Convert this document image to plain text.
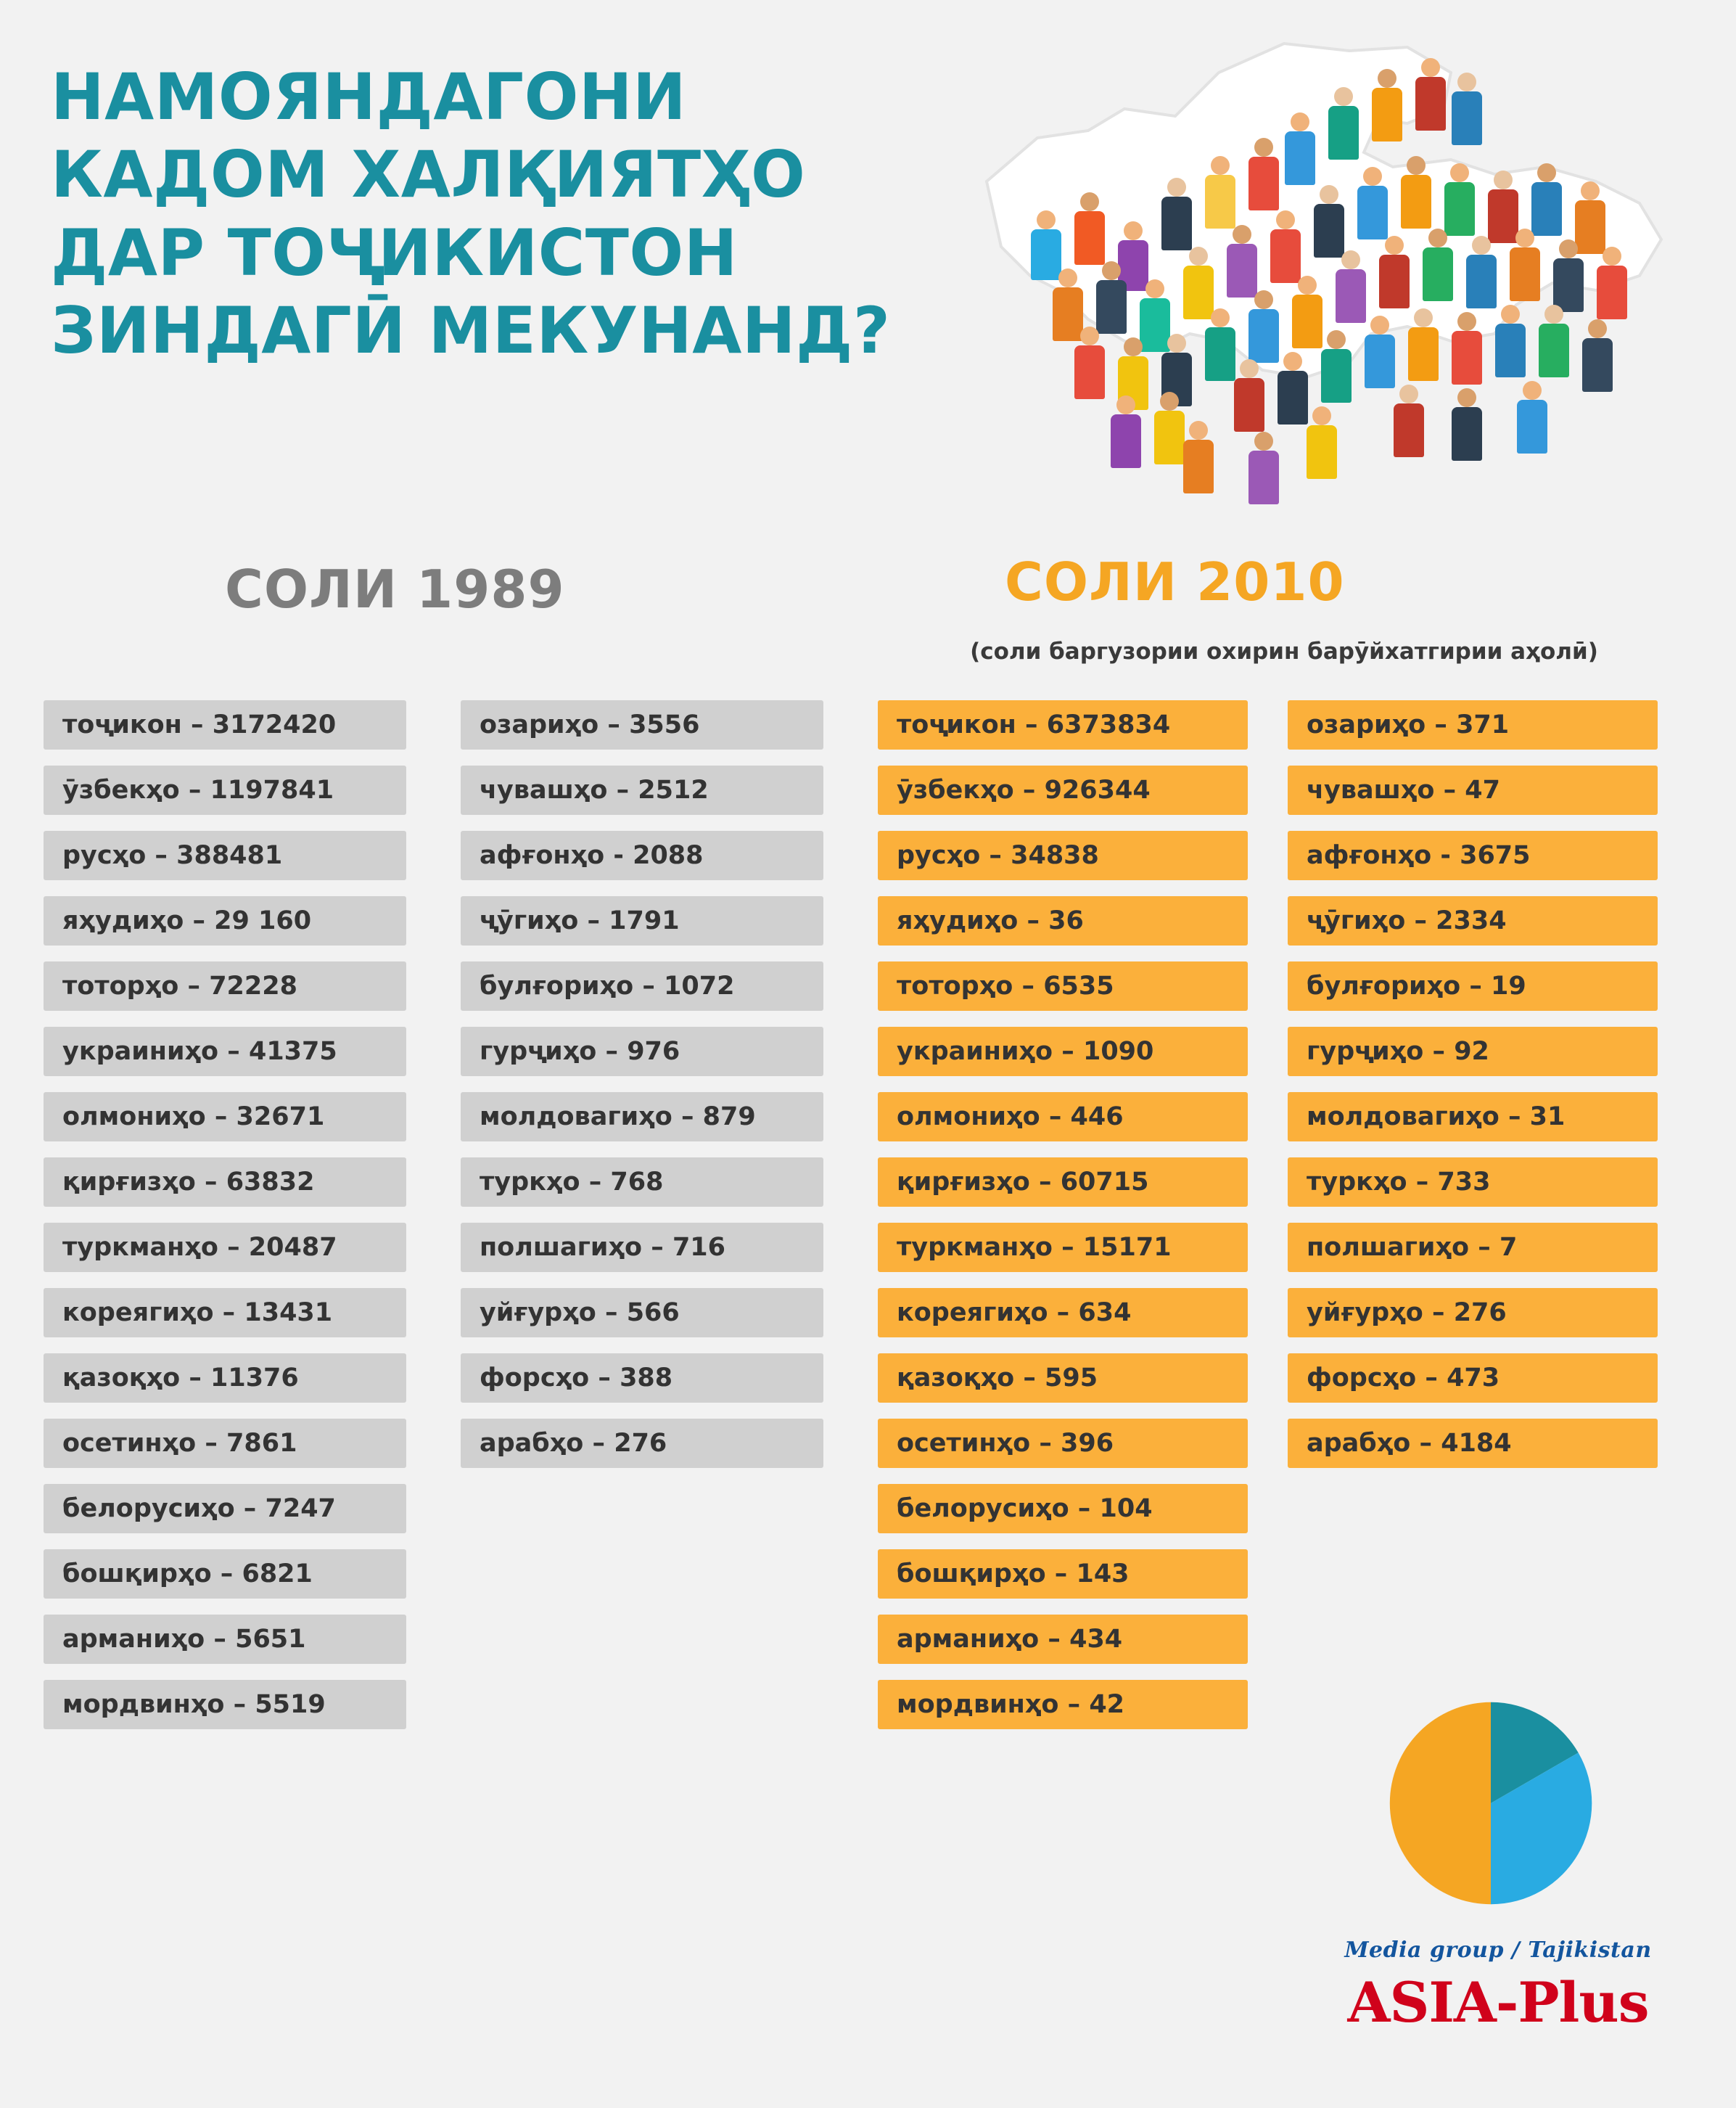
НАМОЯНДАГОНИ КАДОМ ХАЛҚИЯТҲО ДАР ТОҶИКИСТОН ЗИНДАГӢ МЕКУНАНД?
СОЛИ 1989	СОЛИ 2010
(соли баргузории охирин барӯйхатгирии аҳолӣ)
тоҷикон – 3172420
ӯзбекҳо – 1197841
русҳо – 388481
яҳудиҳо – 29 160
тоторҳо – 72228
украиниҳо – 41375
олмониҳо – 32671
қирғизҳо – 63832
туркманҳо – 20487
кореягиҳо – 13431
қазоқҳо – 11376
осетинҳо – 7861
белорусиҳо – 7247
бошқирҳо – 6821
арманиҳо – 5651
мордвинҳо – 5519
озариҳо – 3556
чувашҳо – 2512
афғонҳо - 2088
ҷӯгиҳо – 1791
булғориҳо – 1072
гурҷиҳо – 976
молдовагиҳо – 879
туркҳо – 768
полшагиҳо – 716
уйғурҳо – 566
форсҳо – 388
арабҳо – 276
тоҷикон – 6373834
ӯзбекҳо – 926344
русҳо – 34838
яҳудиҳо – 36
тоторҳо – 6535
украиниҳо – 1090
олмониҳо – 446
қирғизҳо – 60715
туркманҳо – 15171
кореягиҳо – 634
қазоқҳо – 595
осетинҳо – 396
белорусиҳо – 104
бошқирҳо – 143
арманиҳо – 434
мордвинҳо – 42
озариҳо – 371
чувашҳо – 47
афғонҳо - 3675
ҷӯгиҳо – 2334
булғориҳо – 19
гурҷиҳо – 92
молдовагиҳо – 31
туркҳо – 733
полшагиҳо – 7
уйғурҳо – 276
форсҳо – 473
арабҳо – 4184
Media group / Tajikistan
ASIA-Plus
